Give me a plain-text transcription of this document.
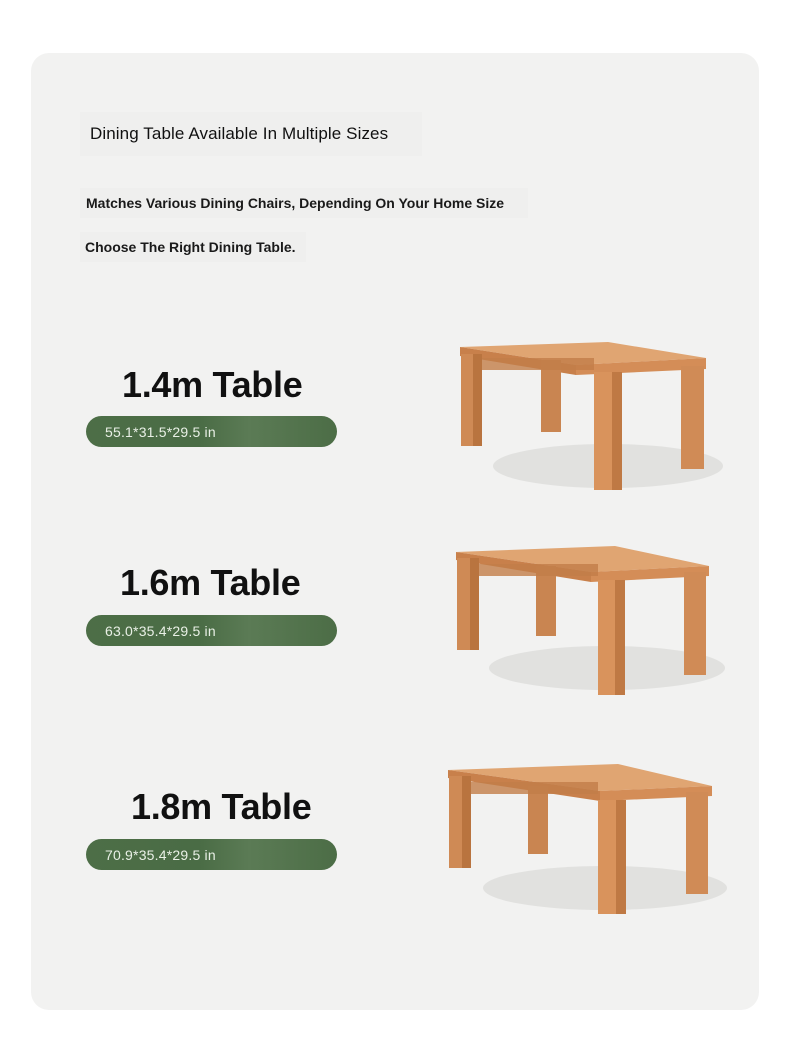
Dining Table Available In Multiple Sizes
Matches Various Dining Chairs, Depending On Your Home Size
Choose The Right Dining Table.
1.4m Table
55.1*31.5*29.5 in
1.6m Table
63.0*35.4*29.5 in
1.8m Table
70.9*35.4*29.5 in
